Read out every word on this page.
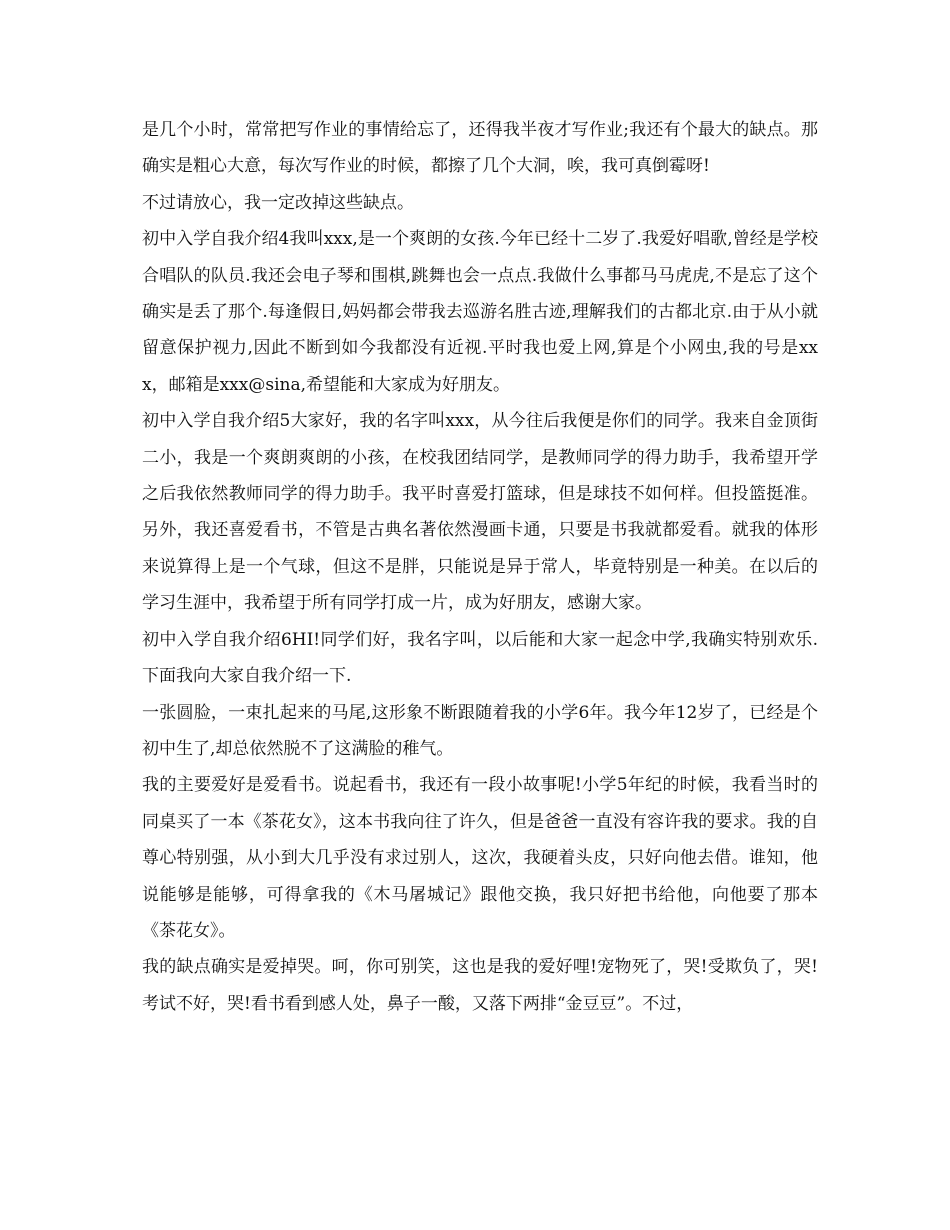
是几个小时，常常把写作业的事情给忘了，还得我半夜才写作业;我还有个最大的缺点。那确实是粗心大意，每次写作业的时候，都擦了几个大洞，唉，我可真倒霉呀!

不过请放心，我一定改掉这些缺点。

初中入学自我介绍4我叫xxx,是一个爽朗的女孩.今年已经十二岁了.我爱好唱歌,曾经是学校合唱队的队员.我还会电子琴和围棋,跳舞也会一点点.我做什么事都马马虎虎,不是忘了这个确实是丢了那个.每逢假日,妈妈都会带我去巡游名胜古迹,理解我们的古都北京.由于从小就留意保护视力,因此不断到如今我都没有近视.平时我也爱上网,算是个小网虫,我的号是xxx，邮箱是xxx@sina,希望能和大家成为好朋友。

初中入学自我介绍5大家好，我的名字叫xxx，从今往后我便是你们的同学。我来自金顶街二小，我是一个爽朗爽朗的小孩，在校我团结同学，是教师同学的得力助手，我希望开学之后我依然教师同学的得力助手。我平时喜爱打篮球，但是球技不如何样。但投篮挺准。另外，我还喜爱看书，不管是古典名著依然漫画卡通，只要是书我就都爱看。就我的体形来说算得上是一个气球，但这不是胖，只能说是异于常人，毕竟特别是一种美。在以后的学习生涯中，我希望于所有同学打成一片，成为好朋友，感谢大家。

初中入学自我介绍6HI!同学们好，我名字叫，以后能和大家一起念中学,我确实特别欢乐.下面我向大家自我介绍一下.

一张圆脸，一束扎起来的马尾,这形象不断跟随着我的小学6年。我今年12岁了，已经是个初中生了,却总依然脱不了这满脸的稚气。

我的主要爱好是爱看书。说起看书，我还有一段小故事呢!小学5年纪的时候，我看当时的同桌买了一本《茶花女》，这本书我向往了许久，但是爸爸一直没有容许我的要求。我的自尊心特别强，从小到大几乎没有求过别人，这次，我硬着头皮，只好向他去借。谁知，他说能够是能够，可得拿我的《木马屠城记》跟他交换，我只好把书给他，向他要了那本《茶花女》。

我的缺点确实是爱掉哭。呵，你可别笑，这也是我的爱好哩!宠物死了，哭!受欺负了，哭!考试不好，哭!看书看到感人处，鼻子一酸，又落下两排“金豆豆”。不过，
